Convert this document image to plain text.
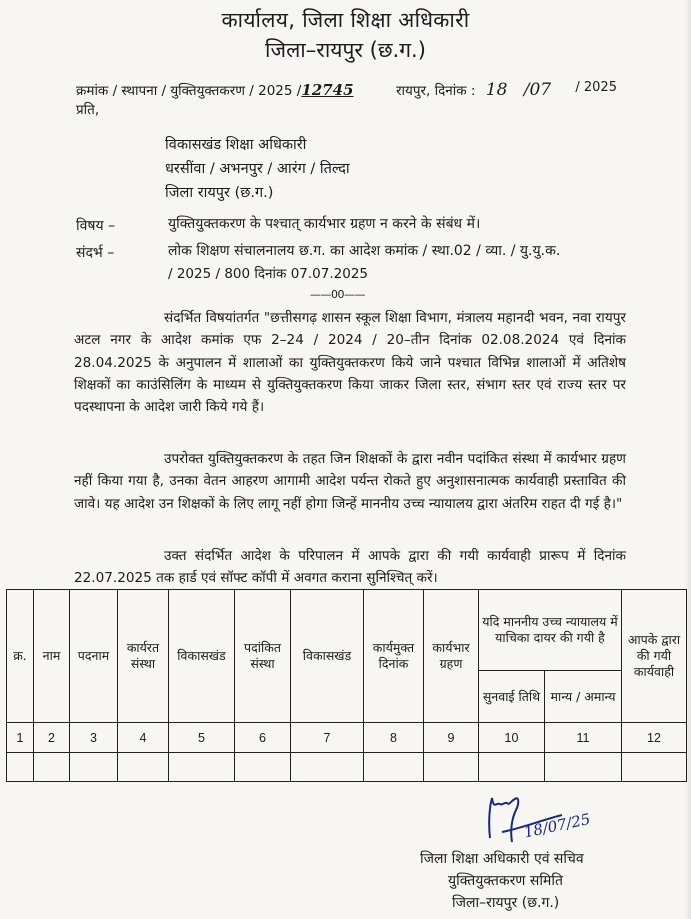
कार्यालय, जिला शिक्षा अधिकारी
जिला–रायपुर (छ.ग.)
क्रमांक / स्थापना / युक्तियुक्तकरण / 2025 /12745	रायपुर, दिनांक : 18 /07 / 2025
प्रति,
विकासखंड शिक्षा अधिकारी
धरसींवा / अभनपुर / आरंग / तिल्दा
जिला रायपुर (छ.ग.)
विषय –	युक्तियुक्तकरण के पश्चात् कार्यभार ग्रहण न करने के संबंध में।
संदर्भ –	लोक शिक्षण संचालनालय छ.ग. का आदेश कमांक / स्था.02 / व्या. / यु.यु.क.
/ 2025 / 800 दिनांक 07.07.2025
——00——
संदर्भित विषयांतर्गत "छत्तीसगढ़ शासन स्कूल शिक्षा विभाग, मंत्रालय महानदी भवन, नवा रायपुर अटल नगर के आदेश कमांक एफ 2–24 / 2024 / 20–तीन दिनांक 02.08.2024 एवं दिनांक 28.04.2025 के अनुपालन में शालाओं का युक्तियुक्तकरण किये जाने पश्चात विभिन्न शालाओं में अतिशेष शिक्षकों का काउंसिलिंग के माध्यम से युक्तियुक्तकरण किया जाकर जिला स्तर, संभाग स्तर एवं राज्य स्तर पर पदस्थापना के आदेश जारी किये गये हैं।
उपरोक्त युक्तियुक्तकरण के तहत जिन शिक्षकों के द्वारा नवीन पदांकित संस्था में कार्यभार ग्रहण नहीं किया गया है, उनका वेतन आहरण आगामी आदेश पर्यन्त रोकते हुए अनुशासनात्मक कार्यवाही प्रस्तावित की जावे। यह आदेश उन शिक्षकों के लिए लागू नहीं होगा जिन्हें माननीय उच्च न्यायालय द्वारा अंतरिम राहत दी गई है।"
उक्त संदर्भित आदेश के परिपालन में आपके द्वारा की गयी कार्यवाही प्रारूप में दिनांक 22.07.2025 तक हार्ड एवं सॉफ्ट कॉपी में अवगत कराना सुनिश्चित् करें।
क्र.	नाम	पदनाम	कार्यरत संस्था	विकासखंड	पदांकित संस्था	विकासखंड	कार्यमुक्त दिनांक	कार्यभार ग्रहण	यदि माननीय उच्च न्यायालय में याचिका दायर की गयी है		आपके द्वारा की गयी कार्यवाही
									सुनवाई तिथि	मान्य / अमान्य	
1	2	3	4	5	6	7	8	9	10	11	12

18/07/25
जिला शिक्षा अधिकारी एवं सचिव
युक्तियुक्तकरण समिति
जिला–रायपुर (छ.ग.)
